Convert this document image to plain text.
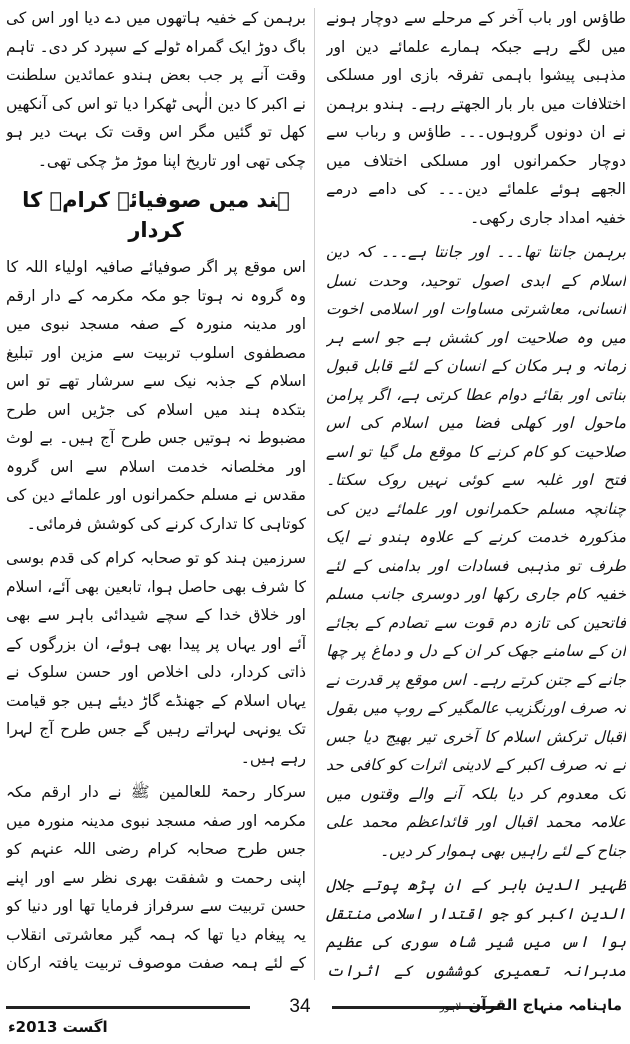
طاؤس اور باب آخر کے مرحلے سے دوچار ہونے میں لگے رہے جبکہ ہمارے علمائے دین اور مذہبی پیشوا باہمی تفرقہ بازی اور مسلکی اختلافات میں بار بار الجھتے رہے۔ ہندو برہمن نے ان دونوں گروہوں۔۔۔ طاؤس و رباب سے دوچار حکمرانوں اور مسلکی اختلاف میں الجھے ہوئے علمائے دین۔۔۔ کی دامے درمے خفیہ امداد جاری رکھی۔

برہمن جانتا تھا۔۔۔ اور جانتا ہے۔۔۔ کہ دین اسلام کے ابدی اصول توحید، وحدت نسل انسانی، معاشرتی مساوات اور اسلامی اخوت میں وہ صلاحیت اور کشش ہے جو اسے ہر زمانہ و ہر مکان کے انسان کے لئے قابل قبول بناتی اور بقائے دوام عطا کرتی ہے، اگر پرامن ماحول اور کھلی فضا میں اسلام کی اس صلاحیت کو کام کرنے کا موقع مل گیا تو اسے فتح اور غلبہ سے کوئی نہیں روک سکتا۔ چنانچہ مسلم حکمرانوں اور علمائے دین کی مذکورہ خدمت کرنے کے علاوہ ہندو نے ایک طرف تو مذہبی فسادات اور بدامنی کے لئے خفیہ کام جاری رکھا اور دوسری جانب مسلم فاتحین کی تازہ دم قوت سے تصادم کے بجائے ان کے سامنے جھک کر ان کے دل و دماغ پر چھا جانے کے جتن کرتے رہے۔ اس موقع پر قدرت نے نہ صرف اورنگزیب عالمگیر کے روپ میں بقول اقبال ترکش اسلام کا آخری تیر بھیج دیا جس نے نہ صرف اکبر کے لادینی اثرات کو کافی حد تک معدوم کر دیا بلکہ آنے والے وقتوں میں علامہ محمد اقبال اور قائداعظم محمد علی جناح کے لئے راہیں بھی ہموار کر دیں۔

ظہیر الدین بابر کے ان پڑھ پوتے جلال الدین اکبر کو جو اقتدار اسلامی منتقل ہوا اس میں شیر شاہ سوری کی عظیم مدبرانہ تعمیری کوششوں کے اثرات

برہمن کے خفیہ ہاتھوں میں دے دیا اور اس کی باگ دوڑ ایک گمراہ ٹولے کے سپرد کر دی۔ تاہم وقت آنے پر جب بعض ہندو عمائدین سلطنت نے اکبر کا دین الٰہی ٹھکرا دیا تو اس کی آنکھیں کھل تو گئیں مگر اس وقت تک بہت دیر ہو چکی تھی اور تاریخ اپنا موڑ مڑ چکی تھی۔

ہند میں صوفیائے کرامؒ کا کردار

اس موقع پر اگر صوفیائے صافیہ اولیاء اللہ کا وہ گروہ نہ ہوتا جو مکہ مکرمہ کے دار ارقم اور مدینہ منورہ کے صفہ مسجد نبوی میں مصطفوی اسلوب تربیت سے مزین اور تبلیغ اسلام کے جذبہ نیک سے سرشار تھے تو اس بتکدہ ہند میں اسلام کی جڑیں اس طرح مضبوط نہ ہوتیں جس طرح آج ہیں۔ بے لوث اور مخلصانہ خدمت اسلام سے اس گروہ مقدس نے مسلم حکمرانوں اور علمائے دین کی کوتاہی کا تدارک کرنے کی کوشش فرمائی۔

سرزمین ہند کو تو صحابہ کرام کی قدم بوسی کا شرف بھی حاصل ہوا، تابعین بھی آئے، اسلام اور خلاق خدا کے سچے شیدائی باہر سے بھی آئے اور یہاں پر پیدا بھی ہوئے، ان بزرگوں کے ذاتی کردار، دلی اخلاص اور حسن سلوک نے یہاں اسلام کے جھنڈے گاڑ دیئے ہیں جو قیامت تک یونہی لہراتے رہیں گے جس طرح آج لہرا رہے ہیں۔

سرکار رحمۃ للعالمین ﷺ نے دار ارقم مکہ مکرمہ اور صفہ مسجد نبوی مدینہ منورہ میں جس طرح صحابہ کرام رضی اللہ عنہم کو اپنی رحمت و شفقت بھری نظر سے اور اپنے حسن تربیت سے سرفراز فرمایا تھا اور دنیا کو یہ پیغام دیا تھا کہ ہمہ گیر معاشرتی انقلاب کے لئے ہمہ صفت موصوف تربیت یافتہ ارکان

34	ماہنامہ منہاج القرآن لاہور
اگست 2013ء
